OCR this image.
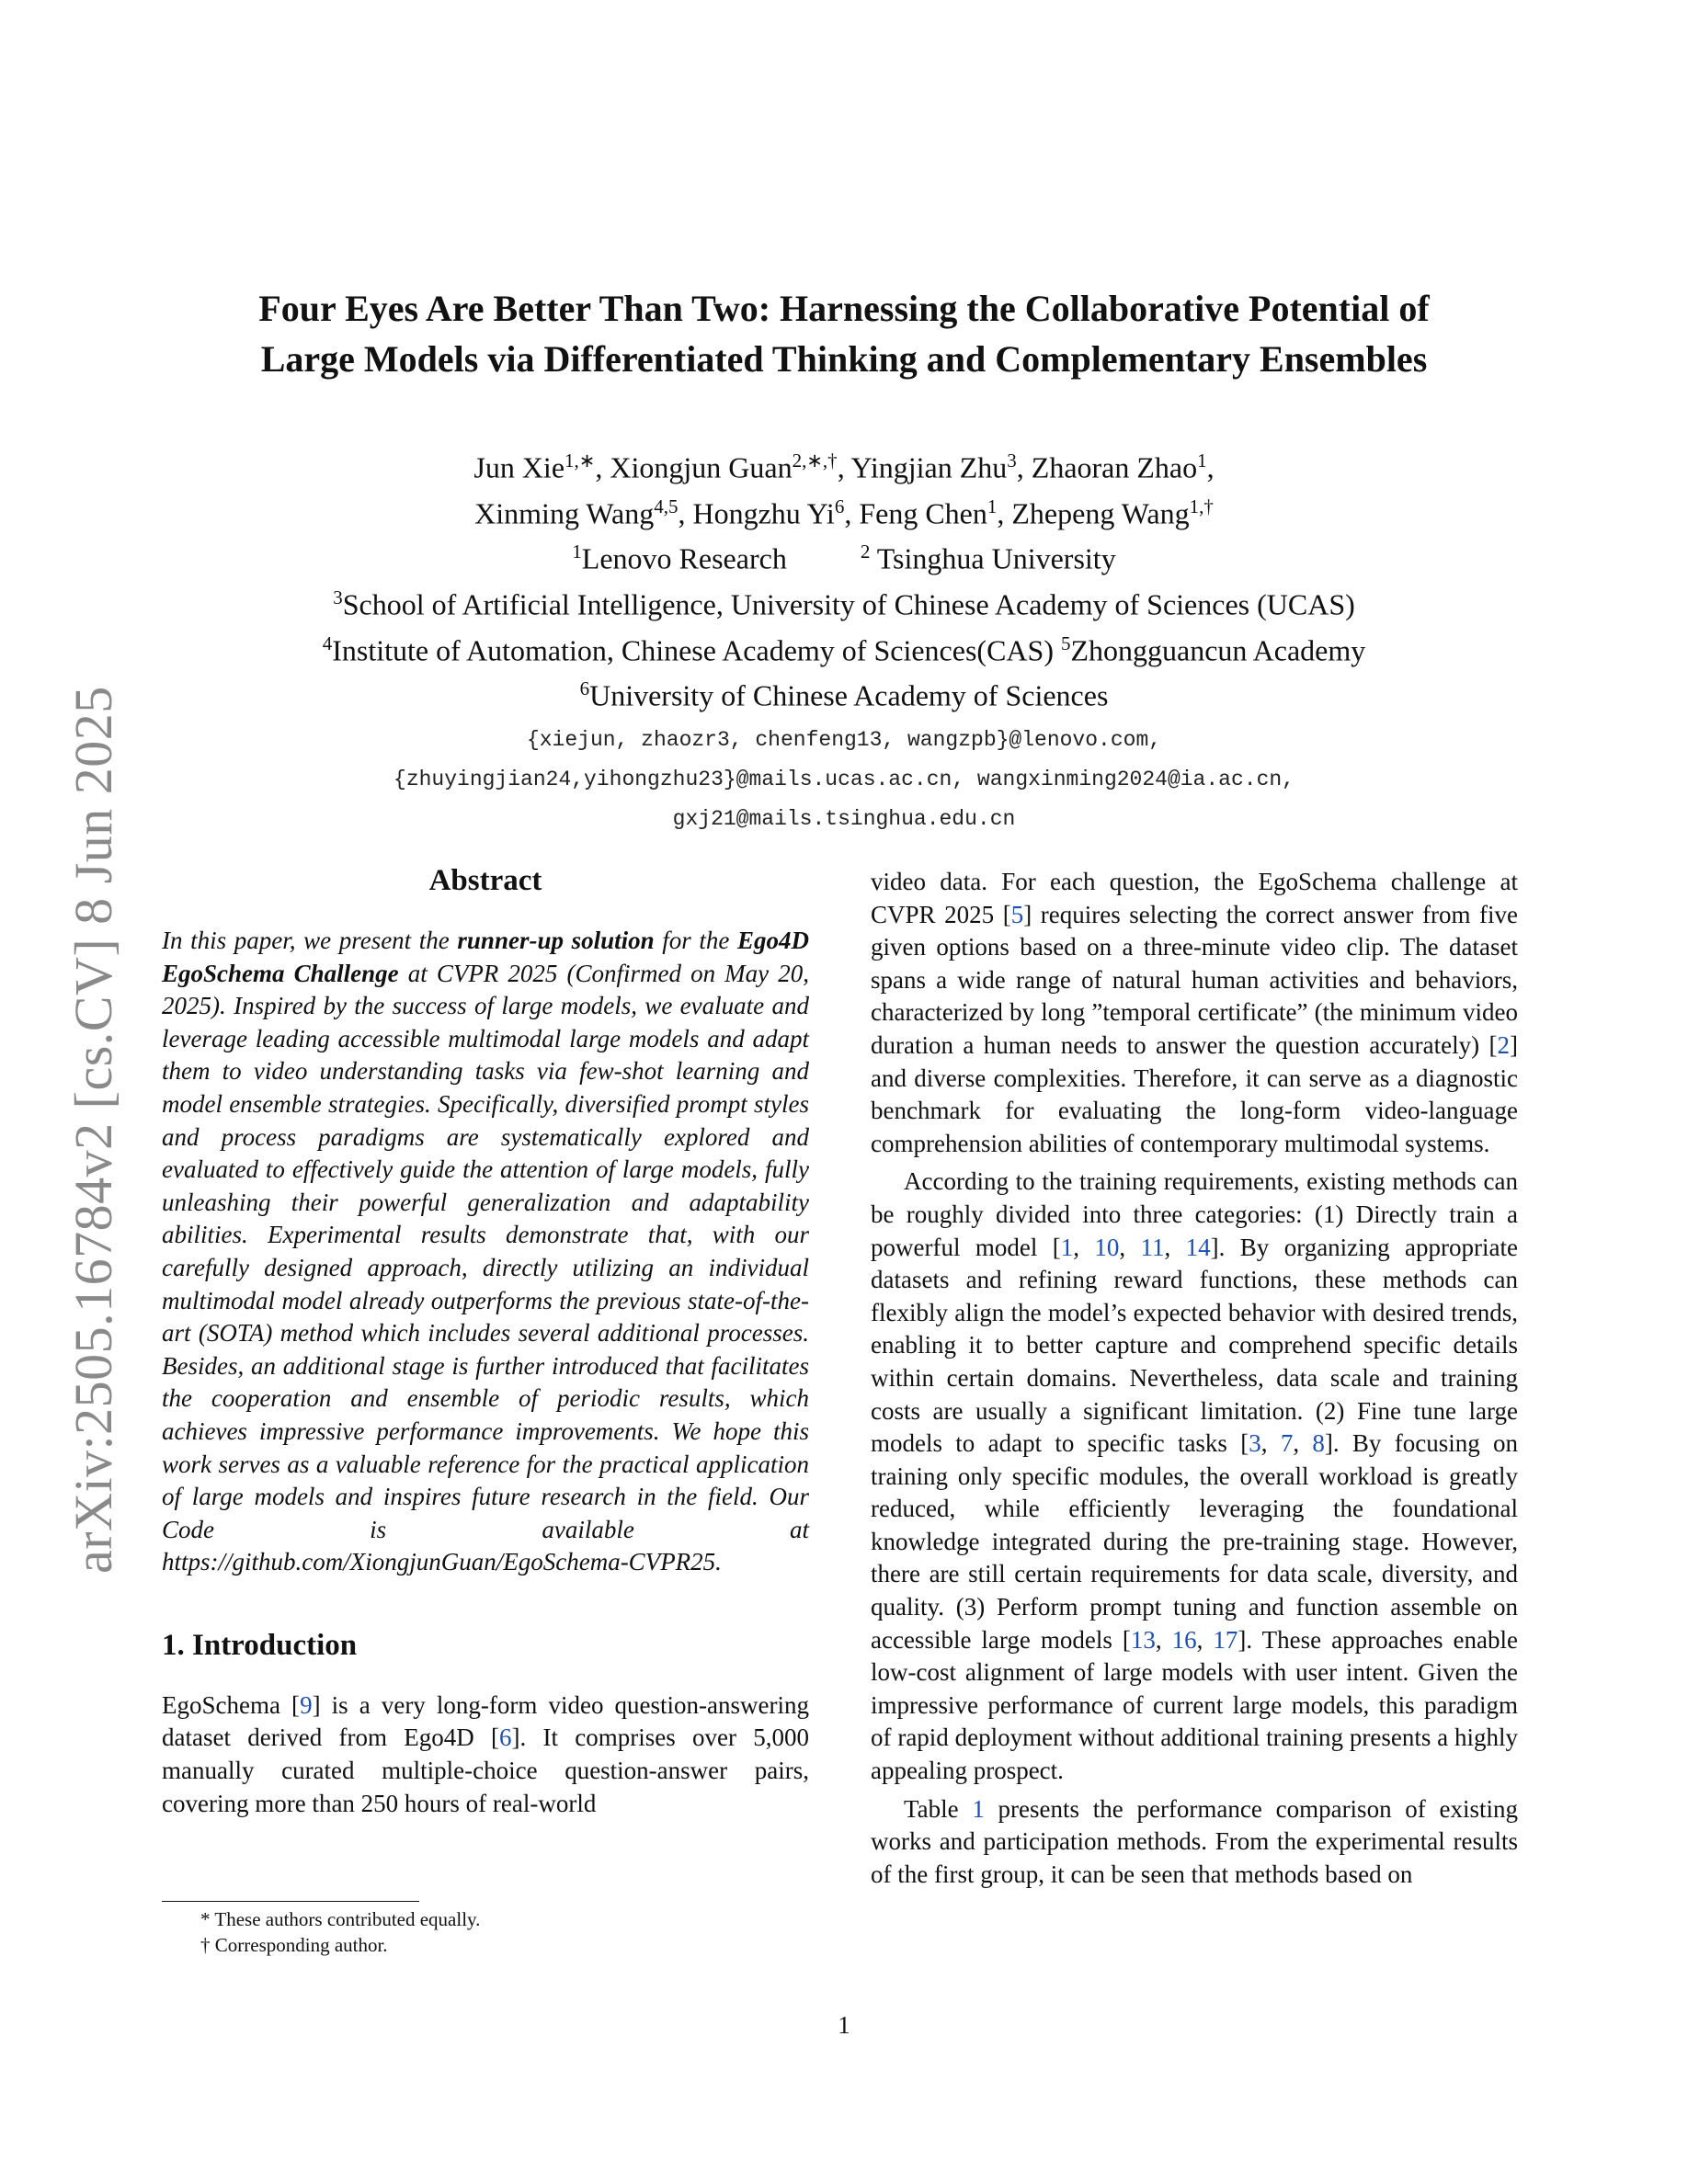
arXiv:2505.16784v2 [cs.CV] 8 Jun 2025
Four Eyes Are Better Than Two: Harnessing the Collaborative Potential of
Large Models via Differentiated Thinking and Complementary Ensembles
Jun Xie$^{1,∗}$, Xiongjun Guan$^{2,∗,\dagger}$, Yingjian Zhu$^3$, Zhaoran Zhao$^1$,
Xinming Wang$^{4,5}$, Hongzhu Yi$^6$, Feng Chen$^1$, Zhepeng Wang$^{1,\dagger}$
$^1$Lenovo Research	$^2$ Tsinghua University
$^3$School of Artificial Intelligence, University of Chinese Academy of Sciences (UCAS)
$^4$Institute of Automation, Chinese Academy of Sciences(CAS) $^5$Zhongguancun Academy
$^6$University of Chinese Academy of Sciences
{xiejun, zhaozr3, chenfeng13, wangzpb}@lenovo.com,
{zhuyingjian24,yihongzhu23}@mails.ucas.ac.cn, wangxinming2024@ia.ac.cn,
gxj21@mails.tsinghua.edu.cn
Abstract

In this paper, we present the runner-up solution for the Ego4D EgoSchema Challenge at CVPR 2025 (Confirmed on May 20, 2025). Inspired by the success of large models, we evaluate and leverage leading accessible multimodal large models and adapt them to video understanding tasks via few-shot learning and model ensemble strategies. Specifically, diversified prompt styles and process paradigms are systematically explored and evaluated to effectively guide the attention of large models, fully unleashing their powerful generalization and adaptability abilities. Experimental results demonstrate that, with our carefully designed approach, directly utilizing an individual multimodal model already outperforms the previous state-of-the-art (SOTA) method which includes several additional processes. Besides, an additional stage is further introduced that facilitates the cooperation and ensemble of periodic results, which achieves impressive performance improvements. We hope this work serves as a valuable reference for the practical application of large models and inspires future research in the field. Our Code is available at https://github.com/XiongjunGuan/EgoSchema-CVPR25.

1. Introduction

EgoSchema [9] is a very long-form video question-answering dataset derived from Ego4D [6]. It comprises over 5,000 manually curated multiple-choice question-answer pairs, covering more than 250 hours of real-world

video data. For each question, the EgoSchema challenge at CVPR 2025 [5] requires selecting the correct answer from five given options based on a three-minute video clip. The dataset spans a wide range of natural human activities and behaviors, characterized by long ”temporal certificate” (the minimum video duration a human needs to answer the question accurately) [2] and diverse complexities. Therefore, it can serve as a diagnostic benchmark for evaluating the long-form video-language comprehension abilities of contemporary multimodal systems.

According to the training requirements, existing methods can be roughly divided into three categories: (1) Directly train a powerful model [1, 10, 11, 14]. By organizing appropriate datasets and refining reward functions, these methods can flexibly align the model’s expected behavior with desired trends, enabling it to better capture and comprehend specific details within certain domains. Nevertheless, data scale and training costs are usually a significant limitation. (2) Fine tune large models to adapt to specific tasks [3, 7, 8]. By focusing on training only specific modules, the overall workload is greatly reduced, while efficiently leveraging the foundational knowledge integrated during the pre-training stage. However, there are still certain requirements for data scale, diversity, and quality. (3) Perform prompt tuning and function assemble on accessible large models [13, 16, 17]. These approaches enable low-cost alignment of large models with user intent. Given the impressive performance of current large models, this paradigm of rapid deployment without additional training presents a highly appealing prospect.

Table 1 presents the performance comparison of existing works and participation methods. From the experimental results of the first group, it can be seen that methods based on

* These authors contributed equally.
† Corresponding author.
1
